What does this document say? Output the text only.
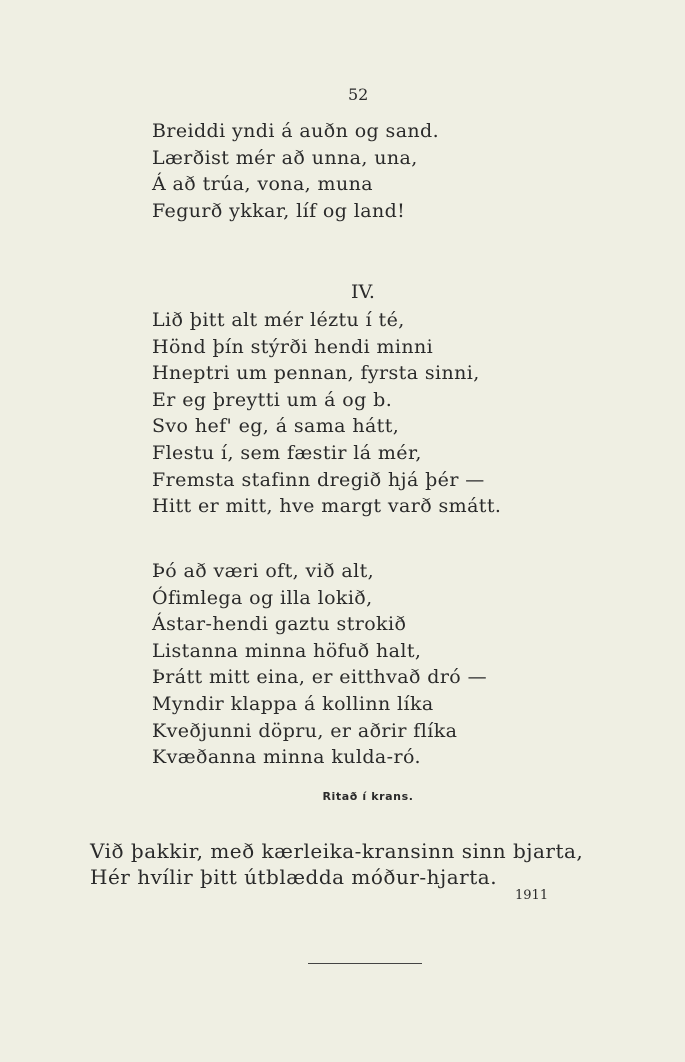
52
Breiddi yndi á auðn og sand.
Lærðist mér að unna, una,
Á að trúa, vona, muna
Fegurð ykkar, líf og land!
IV.
Lið þitt alt mér léztu í té,
Hönd þín stýrði hendi minni
Hneptri um pennan, fyrsta sinni,
Er eg þreytti um á og b.
Svo hef' eg, á sama hátt,
Flestu í, sem fæstir lá mér,
Fremsta stafinn dregið hjá þér —
Hitt er mitt, hve margt varð smátt.
Þó að væri oft, við alt,
Ófimlega og illa lokið,
Ástar-hendi gaztu strokið
Listanna minna höfuð halt,
Þrátt mitt eina, er eitthvað dró —
Myndir klappa á kollinn líka
Kveðjunni döpru, er aðrir flíka
Kvæðanna minna kulda-ró.
Ritað í krans.
Við þakkir, með kærleika-kransinn sinn bjarta,
Hér hvílir þitt útblædda móður-hjarta.
1911
